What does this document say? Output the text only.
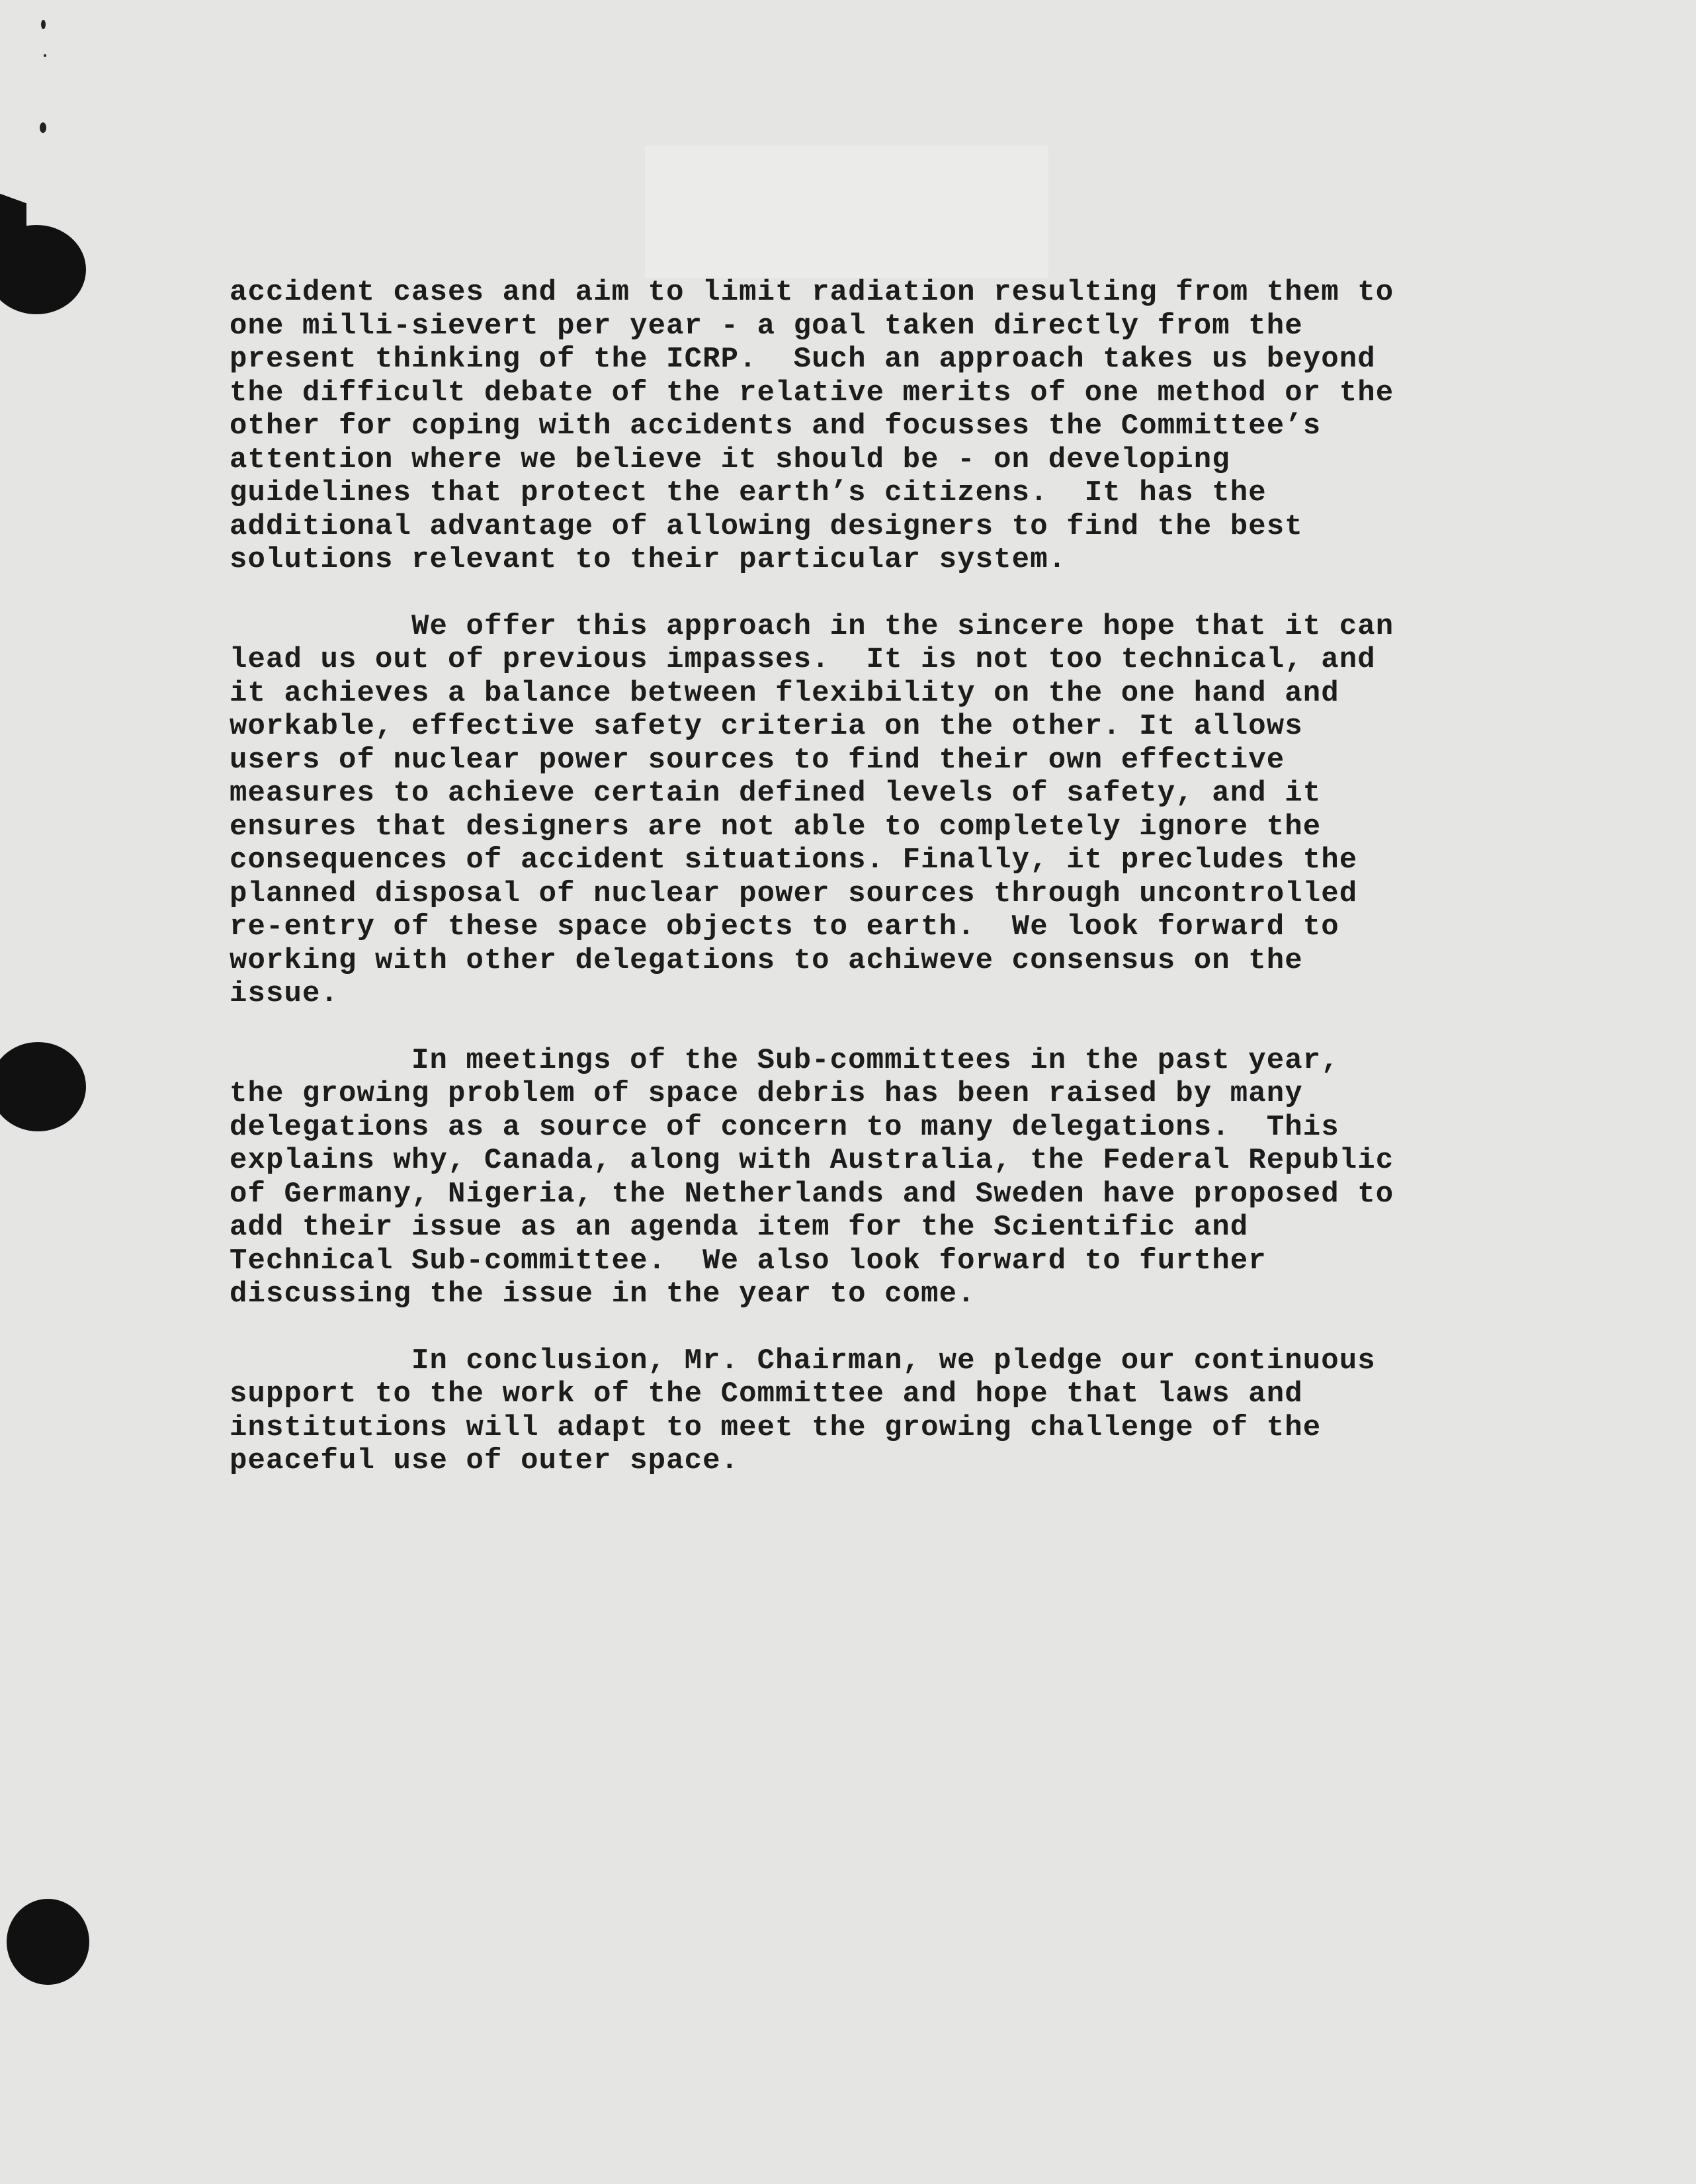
accident cases and aim to limit radiation resulting from them to
one milli-sievert per year - a goal taken directly from the
present thinking of the ICRP.  Such an approach takes us beyond
the difficult debate of the relative merits of one method or the
other for coping with accidents and focusses the Committee’s
attention where we believe it should be - on developing
guidelines that protect the earth’s citizens.  It has the
additional advantage of allowing designers to find the best
solutions relevant to their particular system.

We offer this approach in the sincere hope that it can
lead us out of previous impasses.  It is not too technical, and
it achieves a balance between flexibility on the one hand and
workable, effective safety criteria on the other. It allows
users of nuclear power sources to find their own effective
measures to achieve certain defined levels of safety, and it
ensures that designers are not able to completely ignore the
consequences of accident situations. Finally, it precludes the
planned disposal of nuclear power sources through uncontrolled
re-entry of these space objects to earth.  We look forward to
working with other delegations to achiweve consensus on the
issue.

In meetings of the Sub-committees in the past year,
the growing problem of space debris has been raised by many
delegations as a source of concern to many delegations.  This
explains why, Canada, along with Australia, the Federal Republic
of Germany, Nigeria, the Netherlands and Sweden have proposed to
add their issue as an agenda item for the Scientific and
Technical Sub-committee.  We also look forward to further
discussing the issue in the year to come.

In conclusion, Mr. Chairman, we pledge our continuous
support to the work of the Committee and hope that laws and
institutions will adapt to meet the growing challenge of the
peaceful use of outer space.
